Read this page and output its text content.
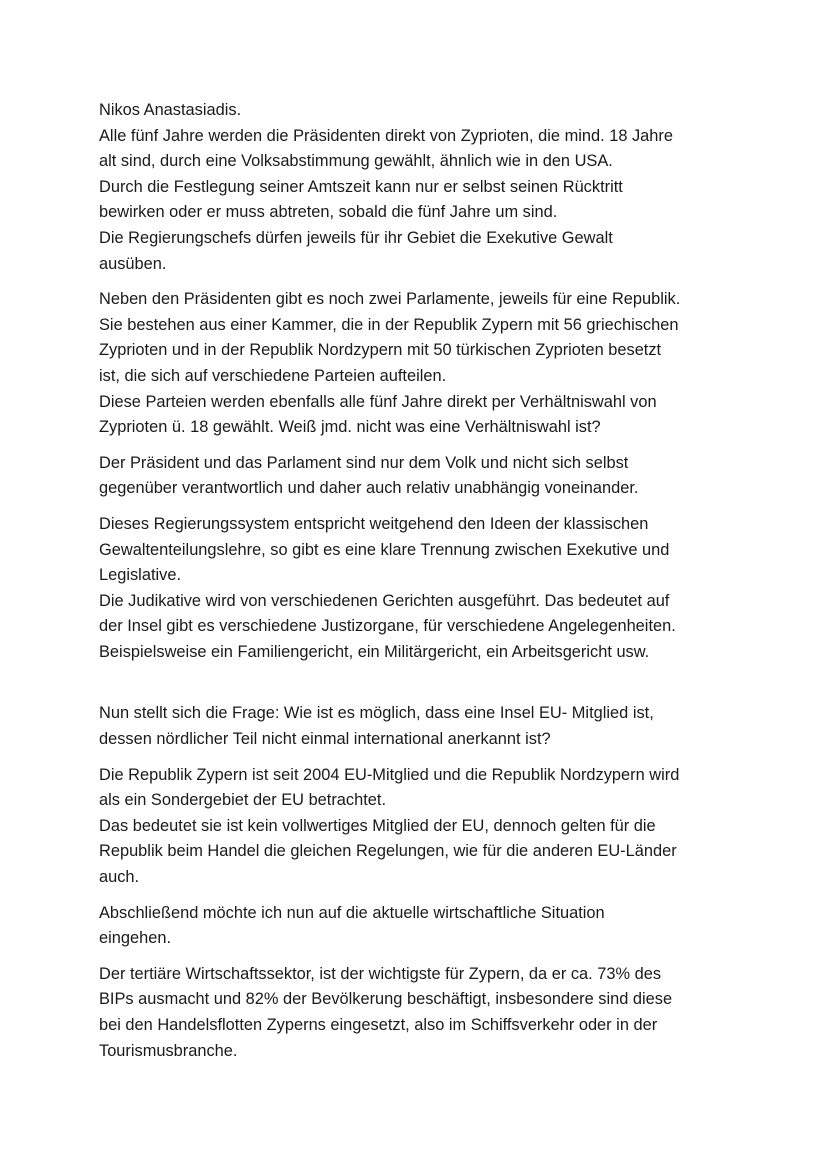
Nikos Anastasiadis.
Alle fünf Jahre werden die Präsidenten direkt von Zyprioten, die mind. 18 Jahre
alt sind, durch eine Volksabstimmung gewählt, ähnlich wie in den USA.
Durch die Festlegung seiner Amtszeit kann nur er selbst seinen Rücktritt
bewirken oder er muss abtreten, sobald die fünf Jahre um sind.
Die Regierungschefs dürfen jeweils für ihr Gebiet die Exekutive Gewalt
ausüben.

Neben den Präsidenten gibt es noch zwei Parlamente, jeweils für eine Republik.
Sie bestehen aus einer Kammer, die in der Republik Zypern mit 56 griechischen
Zyprioten und in der Republik Nordzypern mit 50 türkischen Zyprioten besetzt
ist, die sich auf verschiedene Parteien aufteilen.
Diese Parteien werden ebenfalls alle fünf Jahre direkt per Verhältniswahl von
Zyprioten ü. 18 gewählt. Weiß jmd. nicht was eine Verhältniswahl ist?

Der Präsident und das Parlament sind nur dem Volk und nicht sich selbst
gegenüber verantwortlich und daher auch relativ unabhängig voneinander.

Dieses Regierungssystem entspricht weitgehend den Ideen der klassischen
Gewaltenteilungslehre, so gibt es eine klare Trennung zwischen Exekutive und
Legislative.
Die Judikative wird von verschiedenen Gerichten ausgeführt. Das bedeutet auf
der Insel gibt es verschiedene Justizorgane, für verschiedene Angelegenheiten.
Beispielsweise ein Familiengericht, ein Militärgericht, ein Arbeitsgericht usw.

Nun stellt sich die Frage: Wie ist es möglich, dass eine Insel EU- Mitglied ist,
dessen nördlicher Teil nicht einmal international anerkannt ist?

Die Republik Zypern ist seit 2004 EU-Mitglied und die Republik Nordzypern wird
als ein Sondergebiet der EU betrachtet.
Das bedeutet sie ist kein vollwertiges Mitglied der EU, dennoch gelten für die
Republik beim Handel die gleichen Regelungen, wie für die anderen EU-Länder
auch.

Abschließend möchte ich nun auf die aktuelle wirtschaftliche Situation
eingehen.

Der tertiäre Wirtschaftssektor, ist der wichtigste für Zypern, da er ca. 73% des
BIPs ausmacht und 82% der Bevölkerung beschäftigt, insbesondere sind diese
bei den Handelsflotten Zyperns eingesetzt, also im Schiffsverkehr oder in der
Tourismusbranche.
